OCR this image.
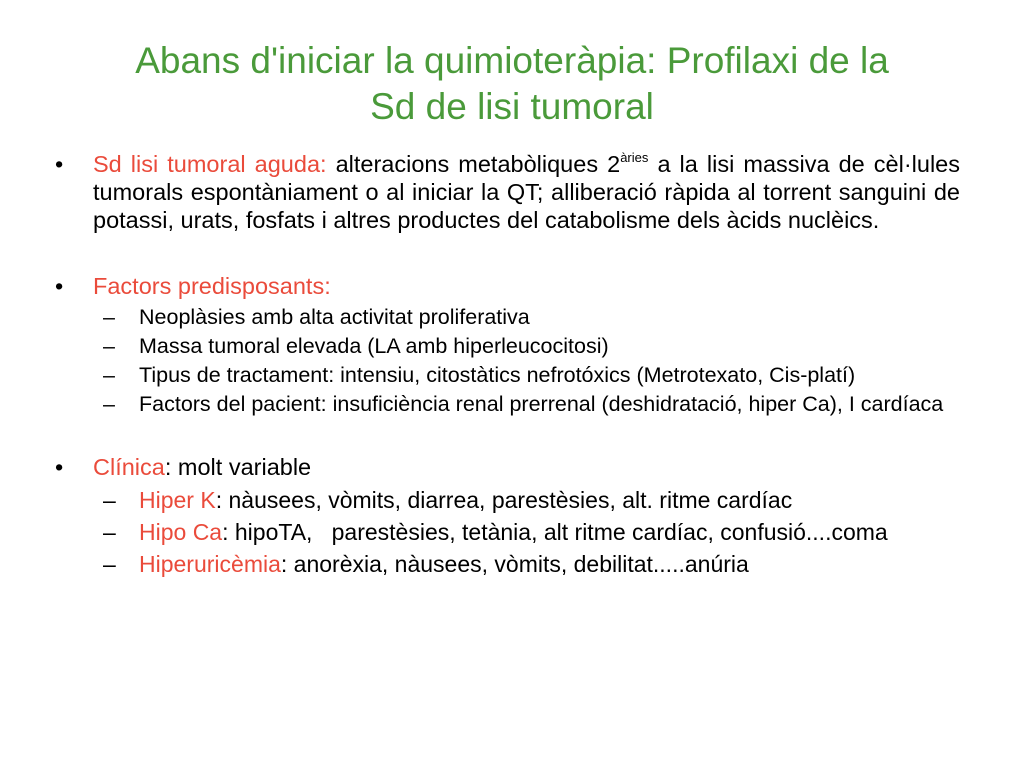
Abans d'iniciar la quimioteràpia: Profilaxi de la
Sd de lisi tumoral
• Sd lisi tumoral aguda: alteracions metabòliques $2^{àries}$ a la lisi massiva de cèl·lules tumorals espontàniament o al iniciar la QT; alliberació ràpida al torrent sanguini de potassi, urats, fosfats i altres productes del catabolisme dels àcids nuclèics.
• Factors predisposants:
– Neoplàsies amb alta activitat proliferativa
– Massa tumoral elevada (LA amb hiperleucocitosi)
– Tipus de tractament: intensiu, citostàtics nefrotóxics (Metrotexato, Cis-platí)
– Factors del pacient: insuficiència renal prerrenal (deshidratació, hiper Ca), I cardíaca
• Clínica: molt variable
– Hiper K: nàusees, vòmits, diarrea, parestèsies, alt. ritme cardíac
– Hipo Ca: hipoTA,   parestèsies, tetània, alt ritme cardíac, confusió....coma
– Hiperuricèmia: anorèxia, nàusees, vòmits, debilitat.....anúria
